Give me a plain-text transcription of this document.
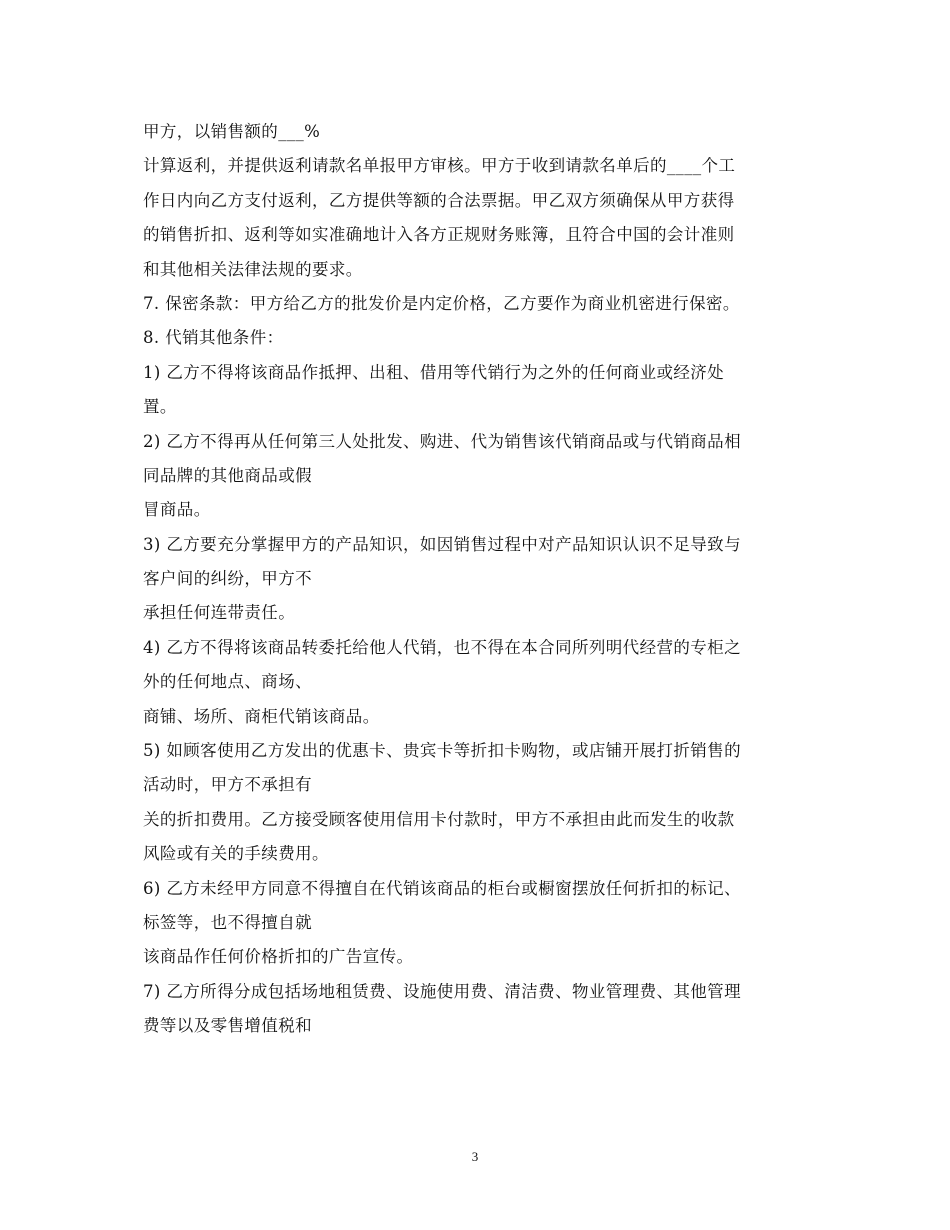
甲方，以销售额的___%
计算返利，并提供返利请款名单报甲方审核。甲方于收到请款名单后的____个工
作日内向乙方支付返利，乙方提供等额的合法票据。甲乙双方须确保从甲方获得
的销售折扣、返利等如实准确地计入各方正规财务账簿，且符合中国的会计准则
和其他相关法律法规的要求。
7. 保密条款：甲方给乙方的批发价是内定价格，乙方要作为商业机密进行保密。
8. 代销其他条件：
1) 乙方不得将该商品作抵押、出租、借用等代销行为之外的任何商业或经济处
置。
2) 乙方不得再从任何第三人处批发、购进、代为销售该代销商品或与代销商品相
同品牌的其他商品或假
冒商品。
3) 乙方要充分掌握甲方的产品知识，如因销售过程中对产品知识认识不足导致与
客户间的纠纷，甲方不
承担任何连带责任。
4) 乙方不得将该商品转委托给他人代销，也不得在本合同所列明代经营的专柜之
外的任何地点、商场、
商铺、场所、商柜代销该商品。
5) 如顾客使用乙方发出的优惠卡、贵宾卡等折扣卡购物，或店铺开展打折销售的
活动时，甲方不承担有
关的折扣费用。乙方接受顾客使用信用卡付款时，甲方不承担由此而发生的收款
风险或有关的手续费用。
6) 乙方未经甲方同意不得擅自在代销该商品的柜台或橱窗摆放任何折扣的标记、
标签等，也不得擅自就
该商品作任何价格折扣的广告宣传。
7) 乙方所得分成包括场地租赁费、设施使用费、清洁费、物业管理费、其他管理
费等以及零售增值税和
3
